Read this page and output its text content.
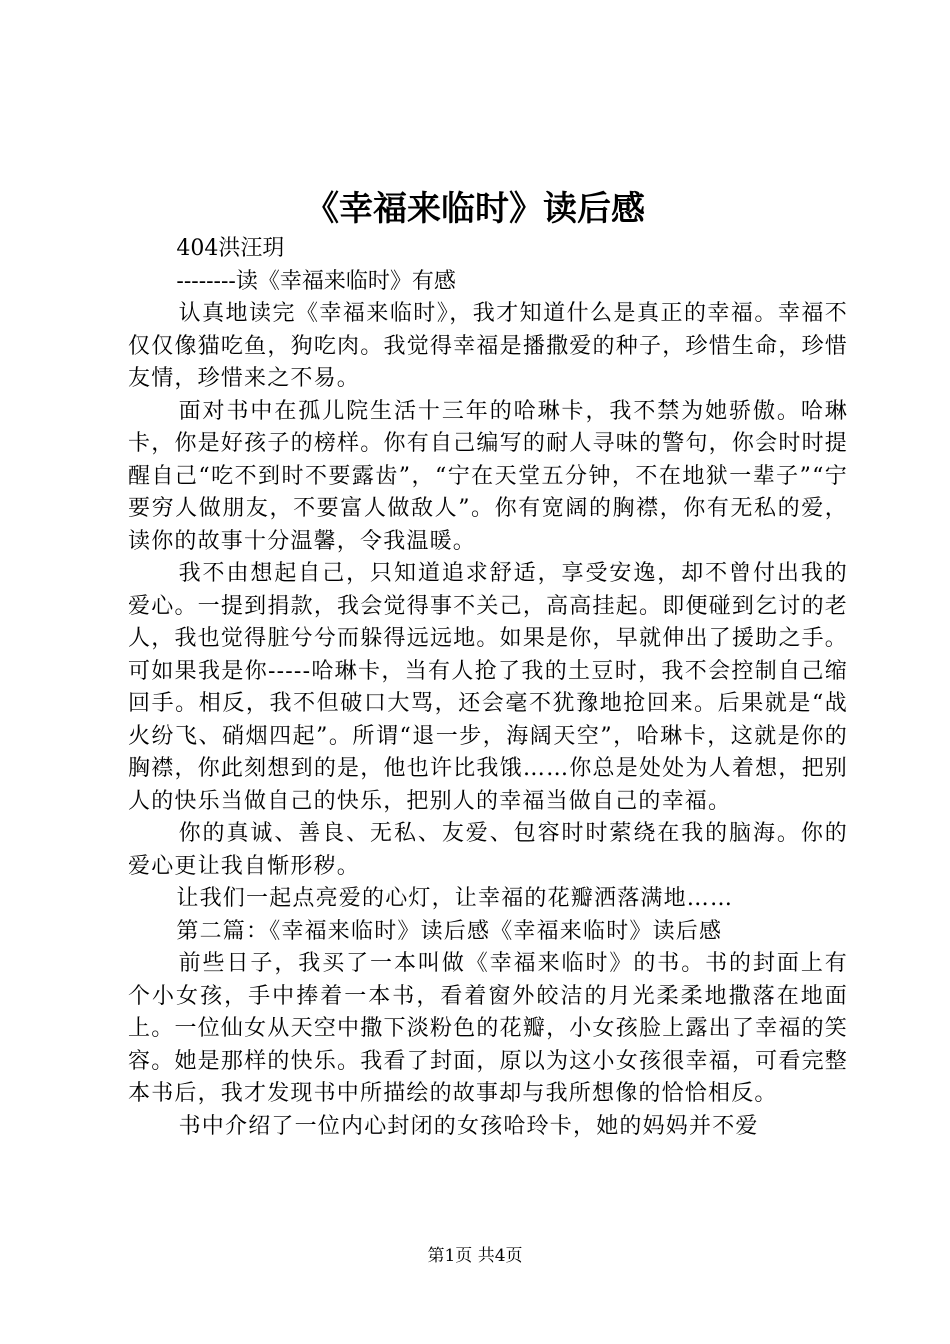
《幸福来临时》读后感

404洪汪玥

--------读《幸福来临时》有感

认真地读完《幸福来临时》，我才知道什么是真正的幸福。幸福不仅仅像猫吃鱼，狗吃肉。我觉得幸福是播撒爱的种子，珍惜生命，珍惜友情，珍惜来之不易。

面对书中在孤儿院生活十三年的哈琳卡，我不禁为她骄傲。哈琳卡，你是好孩子的榜样。你有自己编写的耐人寻味的警句，你会时时提醒自己“吃不到时不要露齿”，“宁在天堂五分钟，不在地狱一辈子”“宁要穷人做朋友，不要富人做敌人”。你有宽阔的胸襟，你有无私的爱，读你的故事十分温馨，令我温暖。

我不由想起自己，只知道追求舒适，享受安逸，却不曾付出我的爱心。一提到捐款，我会觉得事不关己，高高挂起。即便碰到乞讨的老人，我也觉得脏兮兮而躲得远远地。如果是你，早就伸出了援助之手。可如果我是你-----哈琳卡，当有人抢了我的土豆时，我不会控制自己缩回手。相反，我不但破口大骂，还会毫不犹豫地抢回来。后果就是“战火纷飞、硝烟四起”。所谓“退一步，海阔天空”，哈琳卡，这就是你的胸襟，你此刻想到的是，他也许比我饿……你总是处处为人着想，把别人的快乐当做自己的快乐，把别人的幸福当做自己的幸福。

你的真诚、善良、无私、友爱、包容时时萦绕在我的脑海。你的爱心更让我自惭形秽。

让我们一起点亮爱的心灯，让幸福的花瓣洒落满地……

第二篇：《幸福来临时》读后感《幸福来临时》读后感

前些日子，我买了一本叫做《幸福来临时》的书。书的封面上有个小女孩，手中捧着一本书，看着窗外皎洁的月光柔柔地撒落在地面上。一位仙女从天空中撒下淡粉色的花瓣，小女孩脸上露出了幸福的笑容。她是那样的快乐。我看了封面，原以为这小女孩很幸福，可看完整本书后，我才发现书中所描绘的故事却与我所想像的恰恰相反。

书中介绍了一位内心封闭的女孩哈玲卡，她的妈妈并不爱

第1页 共4页
